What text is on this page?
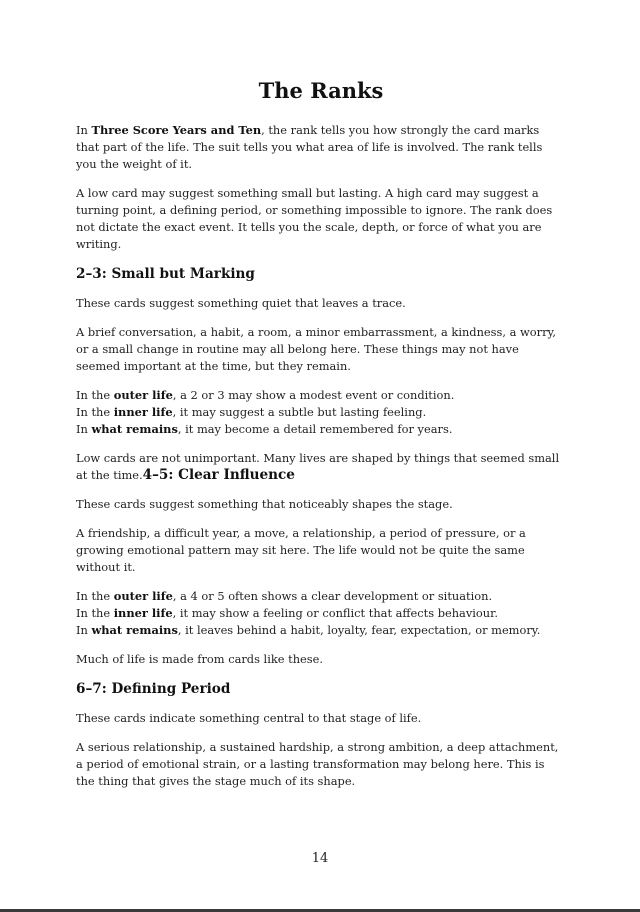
The Ranks

In Three Score Years and Ten, the rank tells you how strongly the card marks that part of the life. The suit tells you what area of life is involved. The rank tells you the weight of it.

A low card may suggest something small but lasting. A high card may suggest a turning point, a defining period, or something impossible to ignore. The rank does not dictate the exact event. It tells you the scale, depth, or force of what you are writing.

2–3: Small but Marking

These cards suggest something quiet that leaves a trace.

A brief conversation, a habit, a room, a minor embarrassment, a kindness, a worry, or a small change in routine may all belong here. These things may not have seemed important at the time, but they remain.

In the outer life, a 2 or 3 may show a modest event or condition.
In the inner life, it may suggest a subtle but lasting feeling.
In what remains, it may become a detail remembered for years.

Low cards are not unimportant. Many lives are shaped by things that seemed small at the time.4–5: Clear Influence

These cards suggest something that noticeably shapes the stage.

A friendship, a difficult year, a move, a relationship, a period of pressure, or a growing emotional pattern may sit here. The life would not be quite the same without it.

In the outer life, a 4 or 5 often shows a clear development or situation.
In the inner life, it may show a feeling or conflict that affects behaviour.
In what remains, it leaves behind a habit, loyalty, fear, expectation, or memory.

Much of life is made from cards like these.

6–7: Defining Period

These cards indicate something central to that stage of life.

A serious relationship, a sustained hardship, a strong ambition, a deep attachment, a period of emotional strain, or a lasting transformation may belong here. This is the thing that gives the stage much of its shape.

14
